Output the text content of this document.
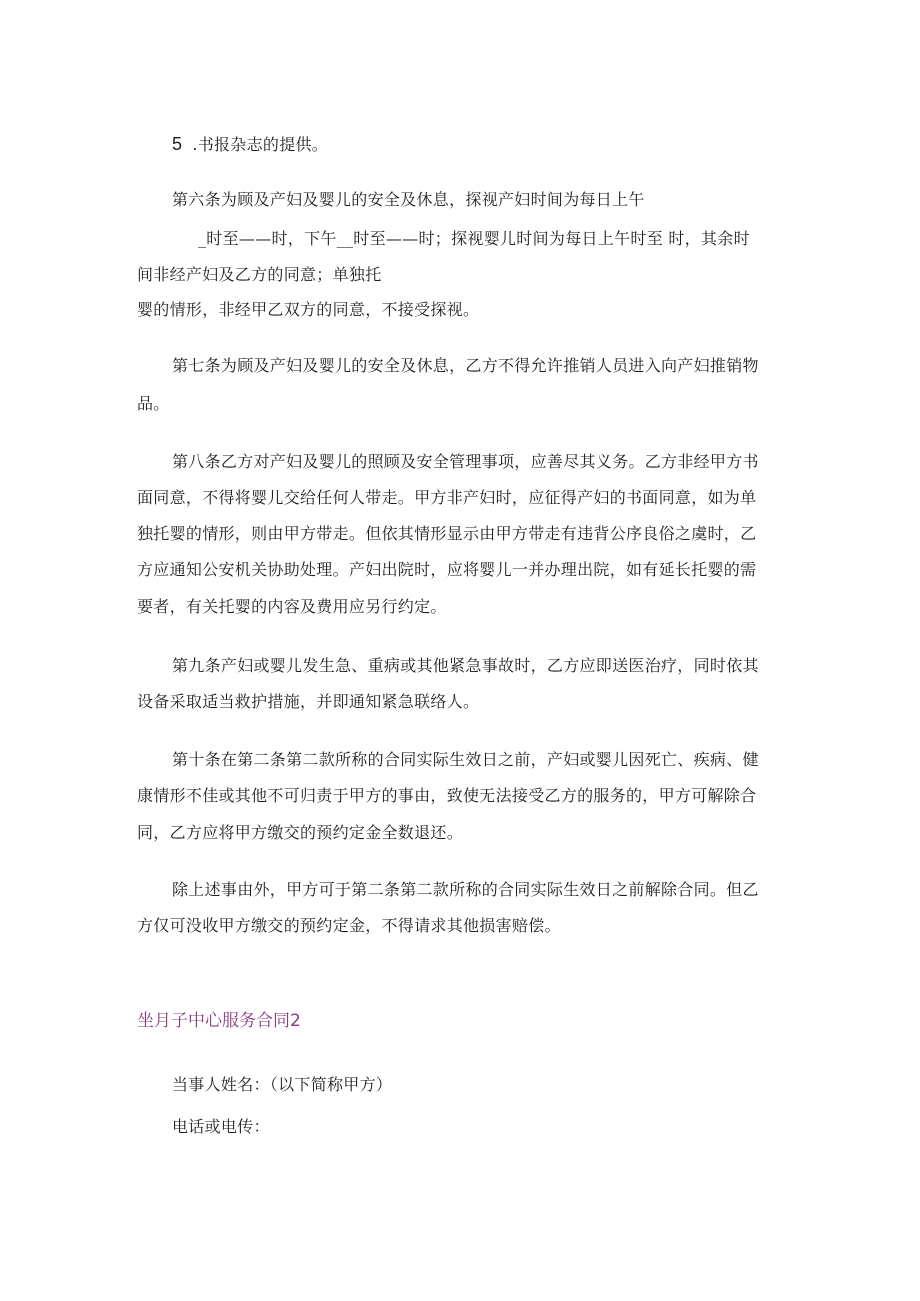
5 .书报杂志的提供。
第六条为顾及产妇及婴儿的安全及休息，探视产妇时间为每日上午
_时至——时，下午__时至——时；探视婴儿时间为每日上午时至 时，其余时
间非经产妇及乙方的同意；单独托
婴的情形，非经甲乙双方的同意，不接受探视。
第七条为顾及产妇及婴儿的安全及休息，乙方不得允许推销人员进入向产妇推销物
品。
第八条乙方对产妇及婴儿的照顾及安全管理事项，应善尽其义务。乙方非经甲方书
面同意，不得将婴儿交给任何人带走。甲方非产妇时，应征得产妇的书面同意，如为单
独托婴的情形，则由甲方带走。但依其情形显示由甲方带走有违背公序良俗之虞时，乙
方应通知公安机关协助处理。产妇出院时，应将婴儿一并办理出院，如有延长托婴的需
要者，有关托婴的内容及费用应另行约定。
第九条产妇或婴儿发生急、重病或其他紧急事故时，乙方应即送医治疗，同时依其
设备采取适当救护措施，并即通知紧急联络人。
第十条在第二条第二款所称的合同实际生效日之前，产妇或婴儿因死亡、疾病、健
康情形不佳或其他不可归责于甲方的事由，致使无法接受乙方的服务的，甲方可解除合
同，乙方应将甲方缴交的预约定金全数退还。
除上述事由外，甲方可于第二条第二款所称的合同实际生效日之前解除合同。但乙
方仅可没收甲方缴交的预约定金，不得请求其他损害赔偿。
坐月子中心服务合同2
当事人姓名：（以下简称甲方）
电话或电传：
